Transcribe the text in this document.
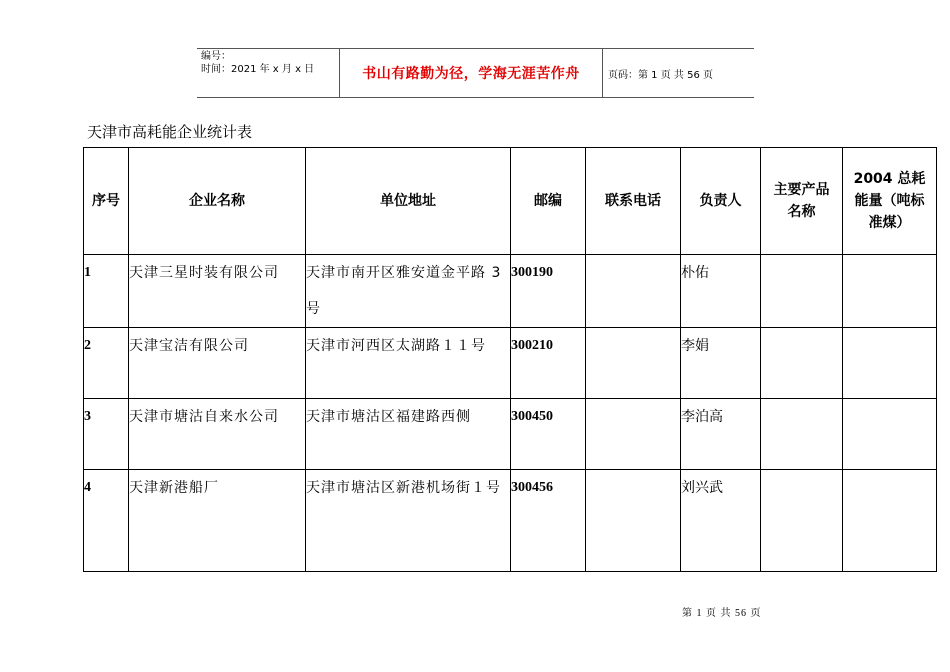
编号：
时间：2021 年 x 月 x 日	书山有路勤为径，学海无涯苦作舟	页码：第 1 页 共 56 页
天津市高耗能企业统计表
序号	企业名称	单位地址	邮编	联系电话	负责人	主要产品名称	2004 总耗能量（吨标准煤）
1	天津三星时装有限公司	天津市南开区雅安道金平路 3 号	300190		朴佑		
2	天津宝洁有限公司	天津市河西区太湖路１１号	300210		李娟		
3	天津市塘沽自来水公司	天津市塘沽区福建路西侧	300450		李泊高		
4	天津新港船厂	天津市塘沽区新港机场街１号	300456		刘兴武		
第 1 页 共 56 页
